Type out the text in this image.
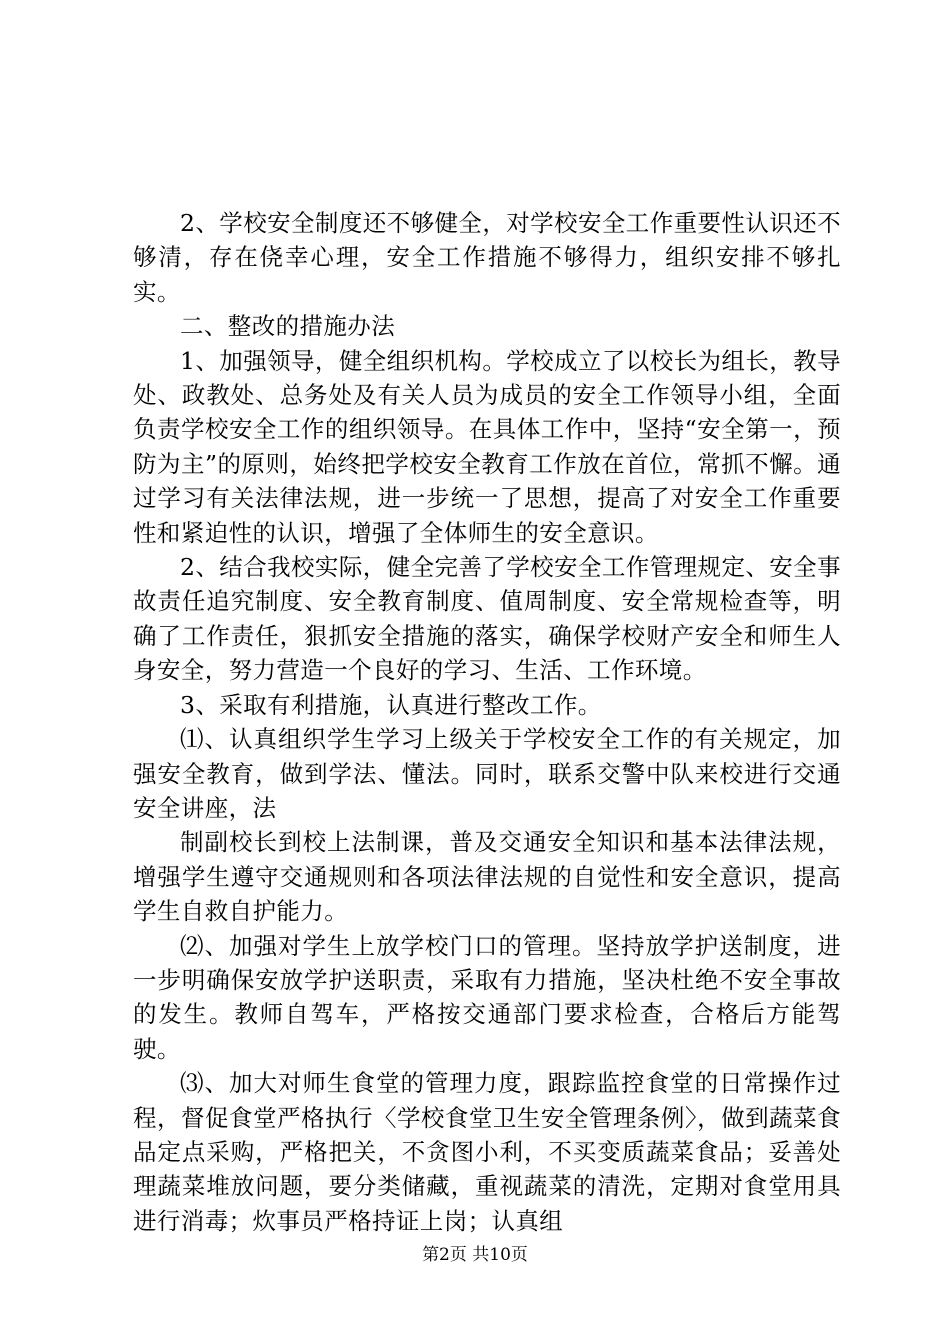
2、学校安全制度还不够健全，对学校安全工作重要性认识还不够清，存在侥幸心理，安全工作措施不够得力，组织安排不够扎实。

二、整改的措施办法

1、加强领导，健全组织机构。学校成立了以校长为组长，教导处、政教处、总务处及有关人员为成员的安全工作领导小组，全面负责学校安全工作的组织领导。在具体工作中，坚持“安全第一，预防为主”的原则，始终把学校安全教育工作放在首位，常抓不懈。通过学习有关法律法规，进一步统一了思想，提高了对安全工作重要性和紧迫性的认识，增强了全体师生的安全意识。

2、结合我校实际，健全完善了学校安全工作管理规定、安全事故责任追究制度、安全教育制度、值周制度、安全常规检查等，明确了工作责任，狠抓安全措施的落实，确保学校财产安全和师生人身安全，努力营造一个良好的学习、生活、工作环境。

3、采取有利措施，认真进行整改工作。

⑴、认真组织学生学习上级关于学校安全工作的有关规定，加强安全教育，做到学法、懂法。同时，联系交警中队来校进行交通安全讲座，法

制副校长到校上法制课，普及交通安全知识和基本法律法规，增强学生遵守交通规则和各项法律法规的自觉性和安全意识，提高学生自救自护能力。

⑵、加强对学生上放学校门口的管理。坚持放学护送制度，进一步明确保安放学护送职责，采取有力措施，坚决杜绝不安全事故的发生。教师自驾车，严格按交通部门要求检查，合格后方能驾驶。

⑶、加大对师生食堂的管理力度，跟踪监控食堂的日常操作过程，督促食堂严格执行〈学校食堂卫生安全管理条例〉，做到蔬菜食品定点采购，严格把关，不贪图小利，不买变质蔬菜食品；妥善处理蔬菜堆放问题，要分类储藏，重视蔬菜的清洗，定期对食堂用具进行消毒；炊事员严格持证上岗；认真组

第2页 共10页
